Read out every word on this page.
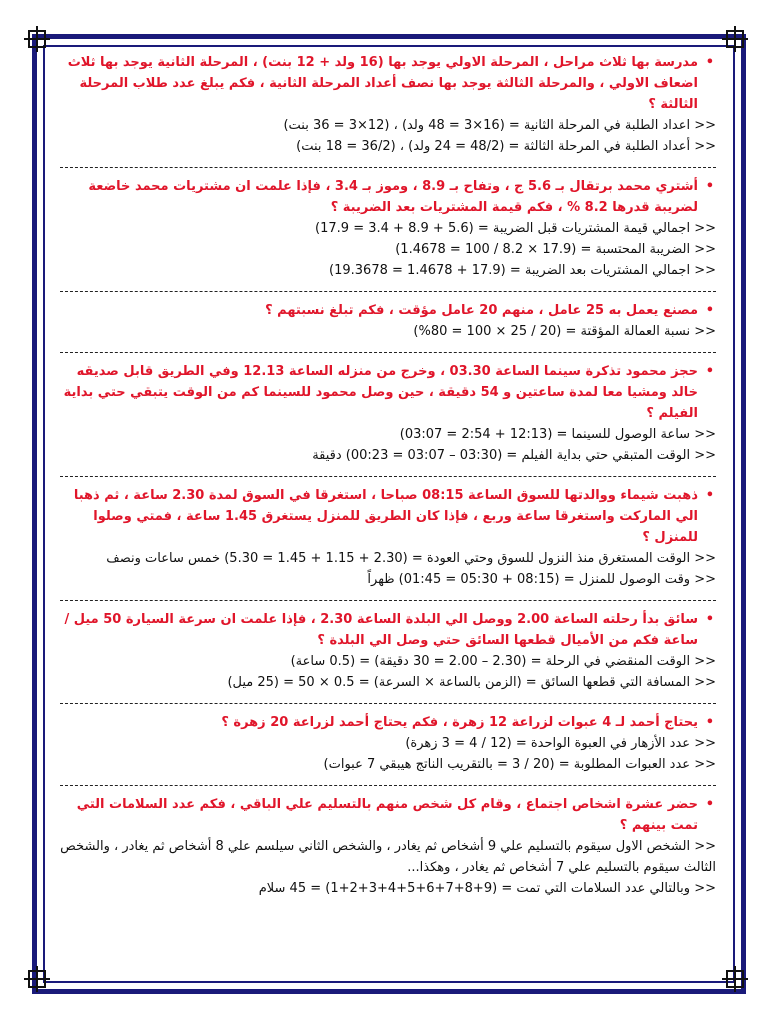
•
مدرسة بها ثلاث مراحل ، المرحلة الاولي يوجد بها (16 ولد + 12 بنت) ، المرحلة الثانية يوجد بها ثلاث اضعاف الاولي ، والمرحلة الثالثة يوجد بها نصف أعداد المرحلة الثانية ، فكم يبلغ عدد طلاب المرحلة الثالثة ؟

>> اعداد الطلبة في المرحلة الثانية = (16×3 = 48 ولد) ، (12×3 = 36 بنت)

>> أعداد الطلبة في المرحلة الثالثة = (48/2 = 24 ولد) ، (36/2 = 18 بنت)

•
أشتري محمد برتقال بـ 5.6 ج ، وتفاح بـ 8.9 ، وموز بـ 3.4 ، فإذا علمت ان مشتريات محمد خاضعة لضريبة قدرها 8.2 % ، فكم قيمة المشتريات بعد الضريبة ؟

>> اجمالي قيمة المشتريات قبل الضريبة = (5.6 + 8.9 + 3.4 = 17.9)

>> الضريبة المحتسبة = (17.9 × 8.2 / 100 = 1.4678)

>> اجمالي المشتريات بعد الضريبة = (17.9 + 1.4678 = 19.3678)

•
مصنع يعمل به 25 عامل ، منهم 20 عامل مؤقت ، فكم تبلغ نسبتهم ؟

>> نسبة العمالة المؤقتة = (20 / 25 × 100 = 80%)

•
حجز محمود تذكرة سينما الساعة 03.30 ، وخرج من منزله الساعة 12.13 وفي الطريق قابل صديقه خالد ومشيا معا لمدة ساعتين و 54 دقيقة ، حين وصل محمود للسينما كم من الوقت يتبقي حتي بداية الفيلم ؟

>> ساعة الوصول للسينما = (12:13 + 2:54 = 03:07)

>> الوقت المتبقي حتي بداية الفيلم = (03:30 – 03:07 = 00:23) دقيقة

•
ذهبت شيماء ووالدتها للسوق الساعة 08:15 صباحا ، استغرقا في السوق لمدة 2.30 ساعة ، ثم ذهبا الي الماركت واستغرقا ساعة وربع ، فإذا كان الطريق للمنزل يستغرق 1.45 ساعة ، فمتي وصلوا للمنزل ؟

>> الوقت المستغرق منذ النزول للسوق وحتي العودة = (2.30 + 1.15 + 1.45 = 5.30) خمس ساعات ونصف

>> وقت الوصول للمنزل = (08:15 + 05:30 = 01:45) ظهراً

•
سائق بدأ رحلته الساعة 2.00 ووصل الي البلدة الساعة 2.30 ، فإذا علمت ان سرعة السيارة 50 ميل / ساعة فكم من الأميال قطعها السائق حتي وصل الي البلدة ؟

>> الوقت المنقضي في الرحلة = (2.30 – 2.00 = 30 دقيقة) = (0.5 ساعة)

>> المسافة التي قطعها السائق = (الزمن بالساعة × السرعة) = 0.5 × 50 = (25 ميل)

•
يحتاج أحمد لـ 4 عبوات لزراعة 12 زهرة ، فكم يحتاج أحمد لزراعة 20 زهرة ؟

>> عدد الأزهار في العبوة الواحدة = (12 / 4 = 3 زهرة)

>> عدد العبوات المطلوبة = (20 / 3 = بالتقريب الناتج هيبقي 7 عبوات)

•
حضر عشرة اشخاص اجتماع ، وقام كل شخص منهم بالتسليم علي الباقي ، فكم عدد السلامات التي تمت بينهم ؟

>> الشخص الاول سيقوم بالتسليم علي 9 أشخاص ثم يغادر ، والشخص الثاني سيلسم علي 8 أشخاص ثم يغادر ، والشخص الثالث سيقوم بالتسليم علي 7 أشخاص ثم يغادر ، وهكذا...

>> وبالتالي عدد السلامات التي تمت = (9+8+7+6+5+4+3+2+1) = 45 سلام
